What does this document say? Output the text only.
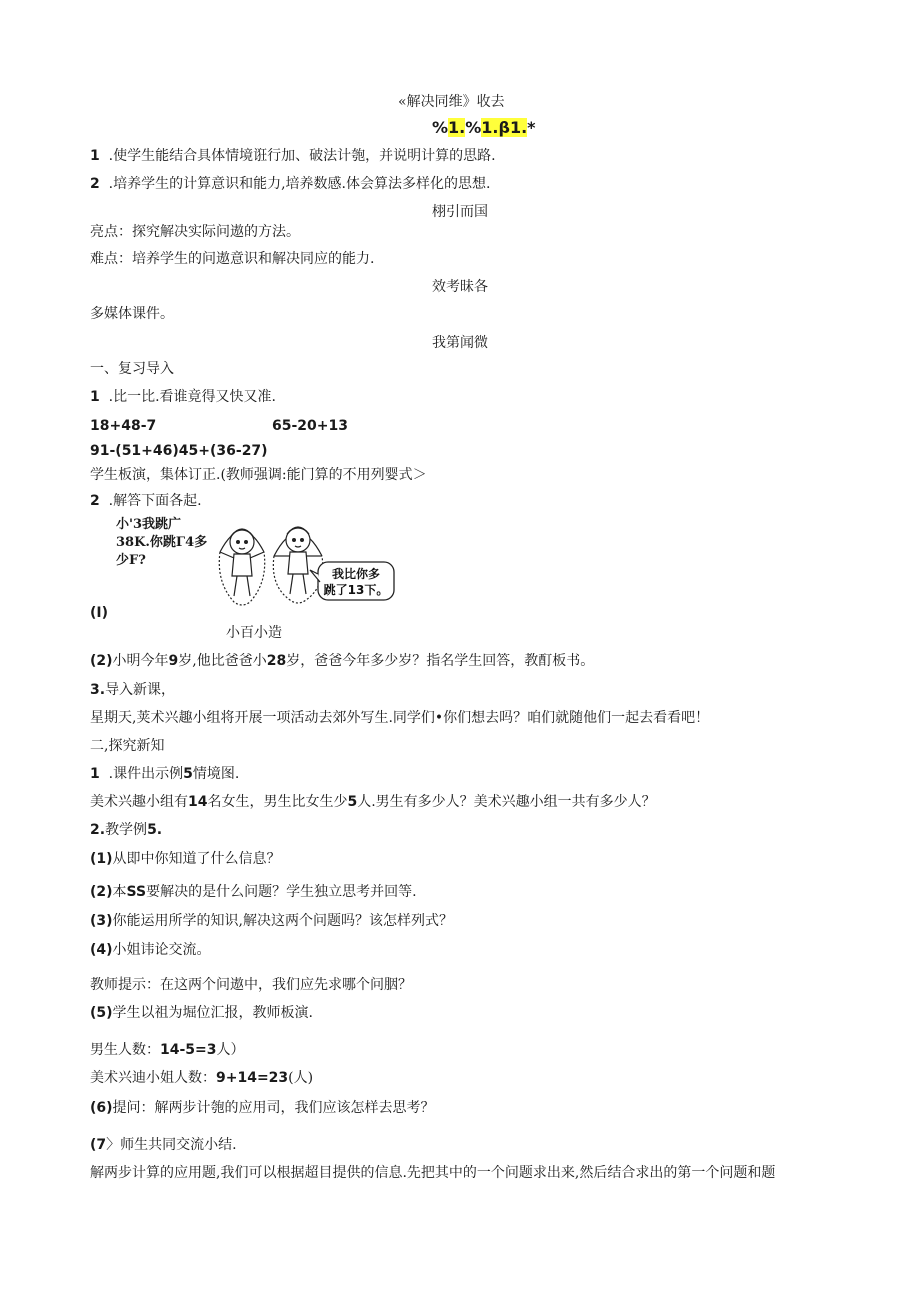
«解决同维》收去
%1.%1.β1.*
1 .使学生能结合具体情境诳行加、破法计匏，并说明计算的思路.
2 .培养学生的计算意识和能力,培养数感.体会算法多样化的思想.
栩引而国
亮点：探究解决实际问遨的方法。
难点：培养学生的问遨意识和解决同应的能力.
效考昧各
多媒体课件。
我第闻微
一、复习导入
1 .比一比.看谁竟得又快又准.
18+48-7	65-20+13
91-(51+46)45+(36-27)
学生板演，集体订正.(教师强调:能门算的不用列婴式＞
2 .解答下面各起.
小'3我跳广
38K.你跳Γ4多
少F?
我比你多
跳了13下。
(I)
小百小造
(2)小明今年9岁,他比爸爸小28岁，爸爸今年多少岁？指名学生回答，教酊板书。
3.导入新课，
星期天,荚术兴趣小组将开展一项活动去郊外写生.同学们•你们想去吗？咱们就随他们一起去看看吧！
二,探究新知
1 .课件出示例5情境图.
美术兴趣小组有14名女生，男生比女生少5人.男生有多少人？美术兴趣小组一共有多少人？
2.教学例5.
(1)从即中你知道了什么信息？
(2)本SS要解决的是什么问题？学生独立思考并回等.
(3)你能运用所学的知识,解决这两个问题吗？该怎样列式？
(4)小姐讳论交流。
教师提示：在这两个问遨中，我们应先求哪个问胭？
(5)学生以祖为堀位汇报，教师板演.
男生人数：14-5=3人）
美术兴迪小姐人数：9+14=23(人)
(6)提问：解两步计匏的应用司，我们应该怎样去思考？
(7〉师生共同交流小结.
解两步计算的应用题,我们可以根据超目提供的信息.先把其中的一个问题求出来,然后结合求出的第一个问题和题
